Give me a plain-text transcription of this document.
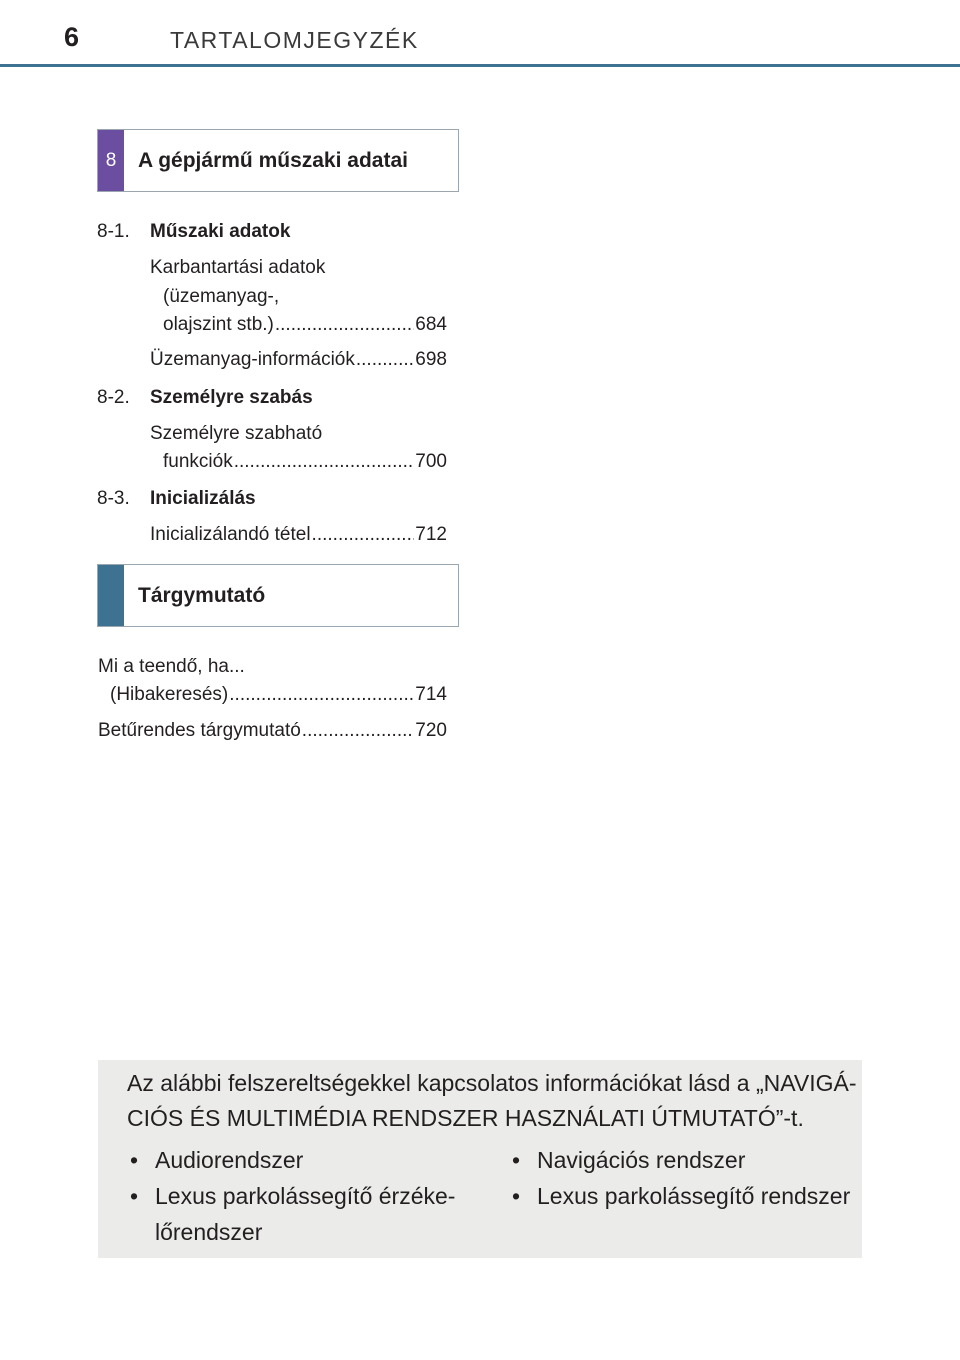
6	TARTALOMJEGYZÉK
8	A gépjármű műszaki adatai
8-1. Műszaki adatok
Karbantartási adatok
(üzemanyag-,
olajszint stb.) .....	684
Üzemanyag-információk .....	698
8-2. Személyre szabás
Személyre szabható
funkciók .....	700
8-3. Inicializálás
Inicializálandó tétel .....	712
Tárgymutató
Mi a teendő, ha...
(Hibakeresés) .....	714
Betűrendes tárgymutató .....	720
Az alábbi felszereltségekkel kapcsolatos információkat lásd a „NAVIGÁ-
CIÓS ÉS MULTIMÉDIA RENDSZER HASZNÁLATI ÚTMUTATÓ”-t.
• Audiorendszer
• Lexus parkolássegítő érzéke-
lőrendszer
• Navigációs rendszer
• Lexus parkolássegítő rendszer
